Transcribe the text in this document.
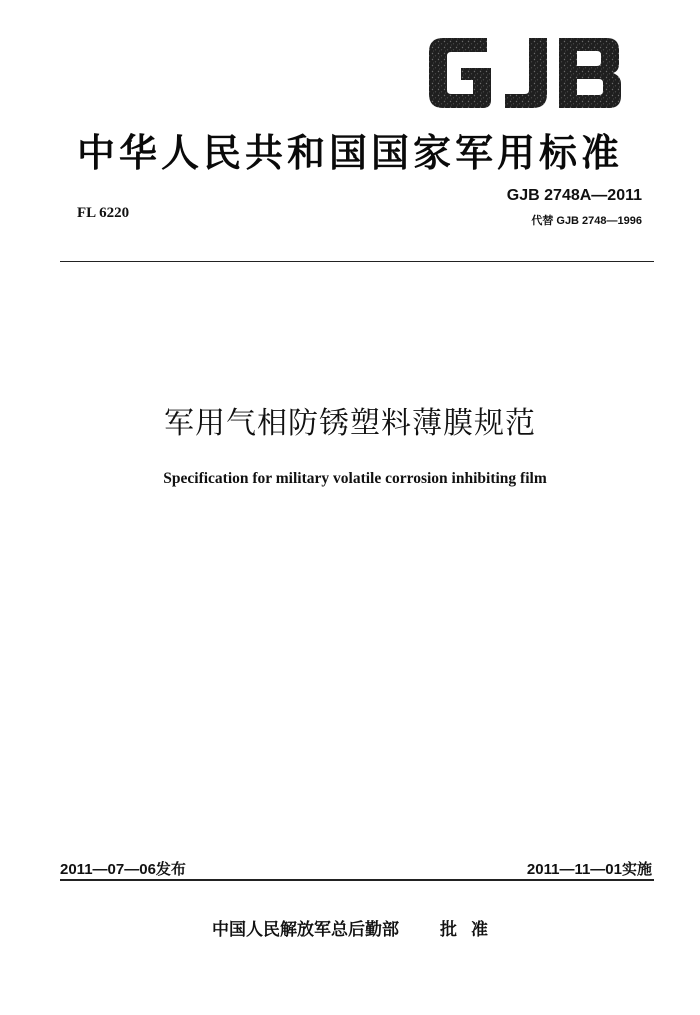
中华人民共和国国家军用标准
FL 6220
GJB 2748A—2011
代替 GJB 2748—1996
军用气相防锈塑料薄膜规范
Specification for military volatile corrosion inhibiting film
2011—07—06发布	2011—11—01实施
中国人民解放军总后勤部 批准
